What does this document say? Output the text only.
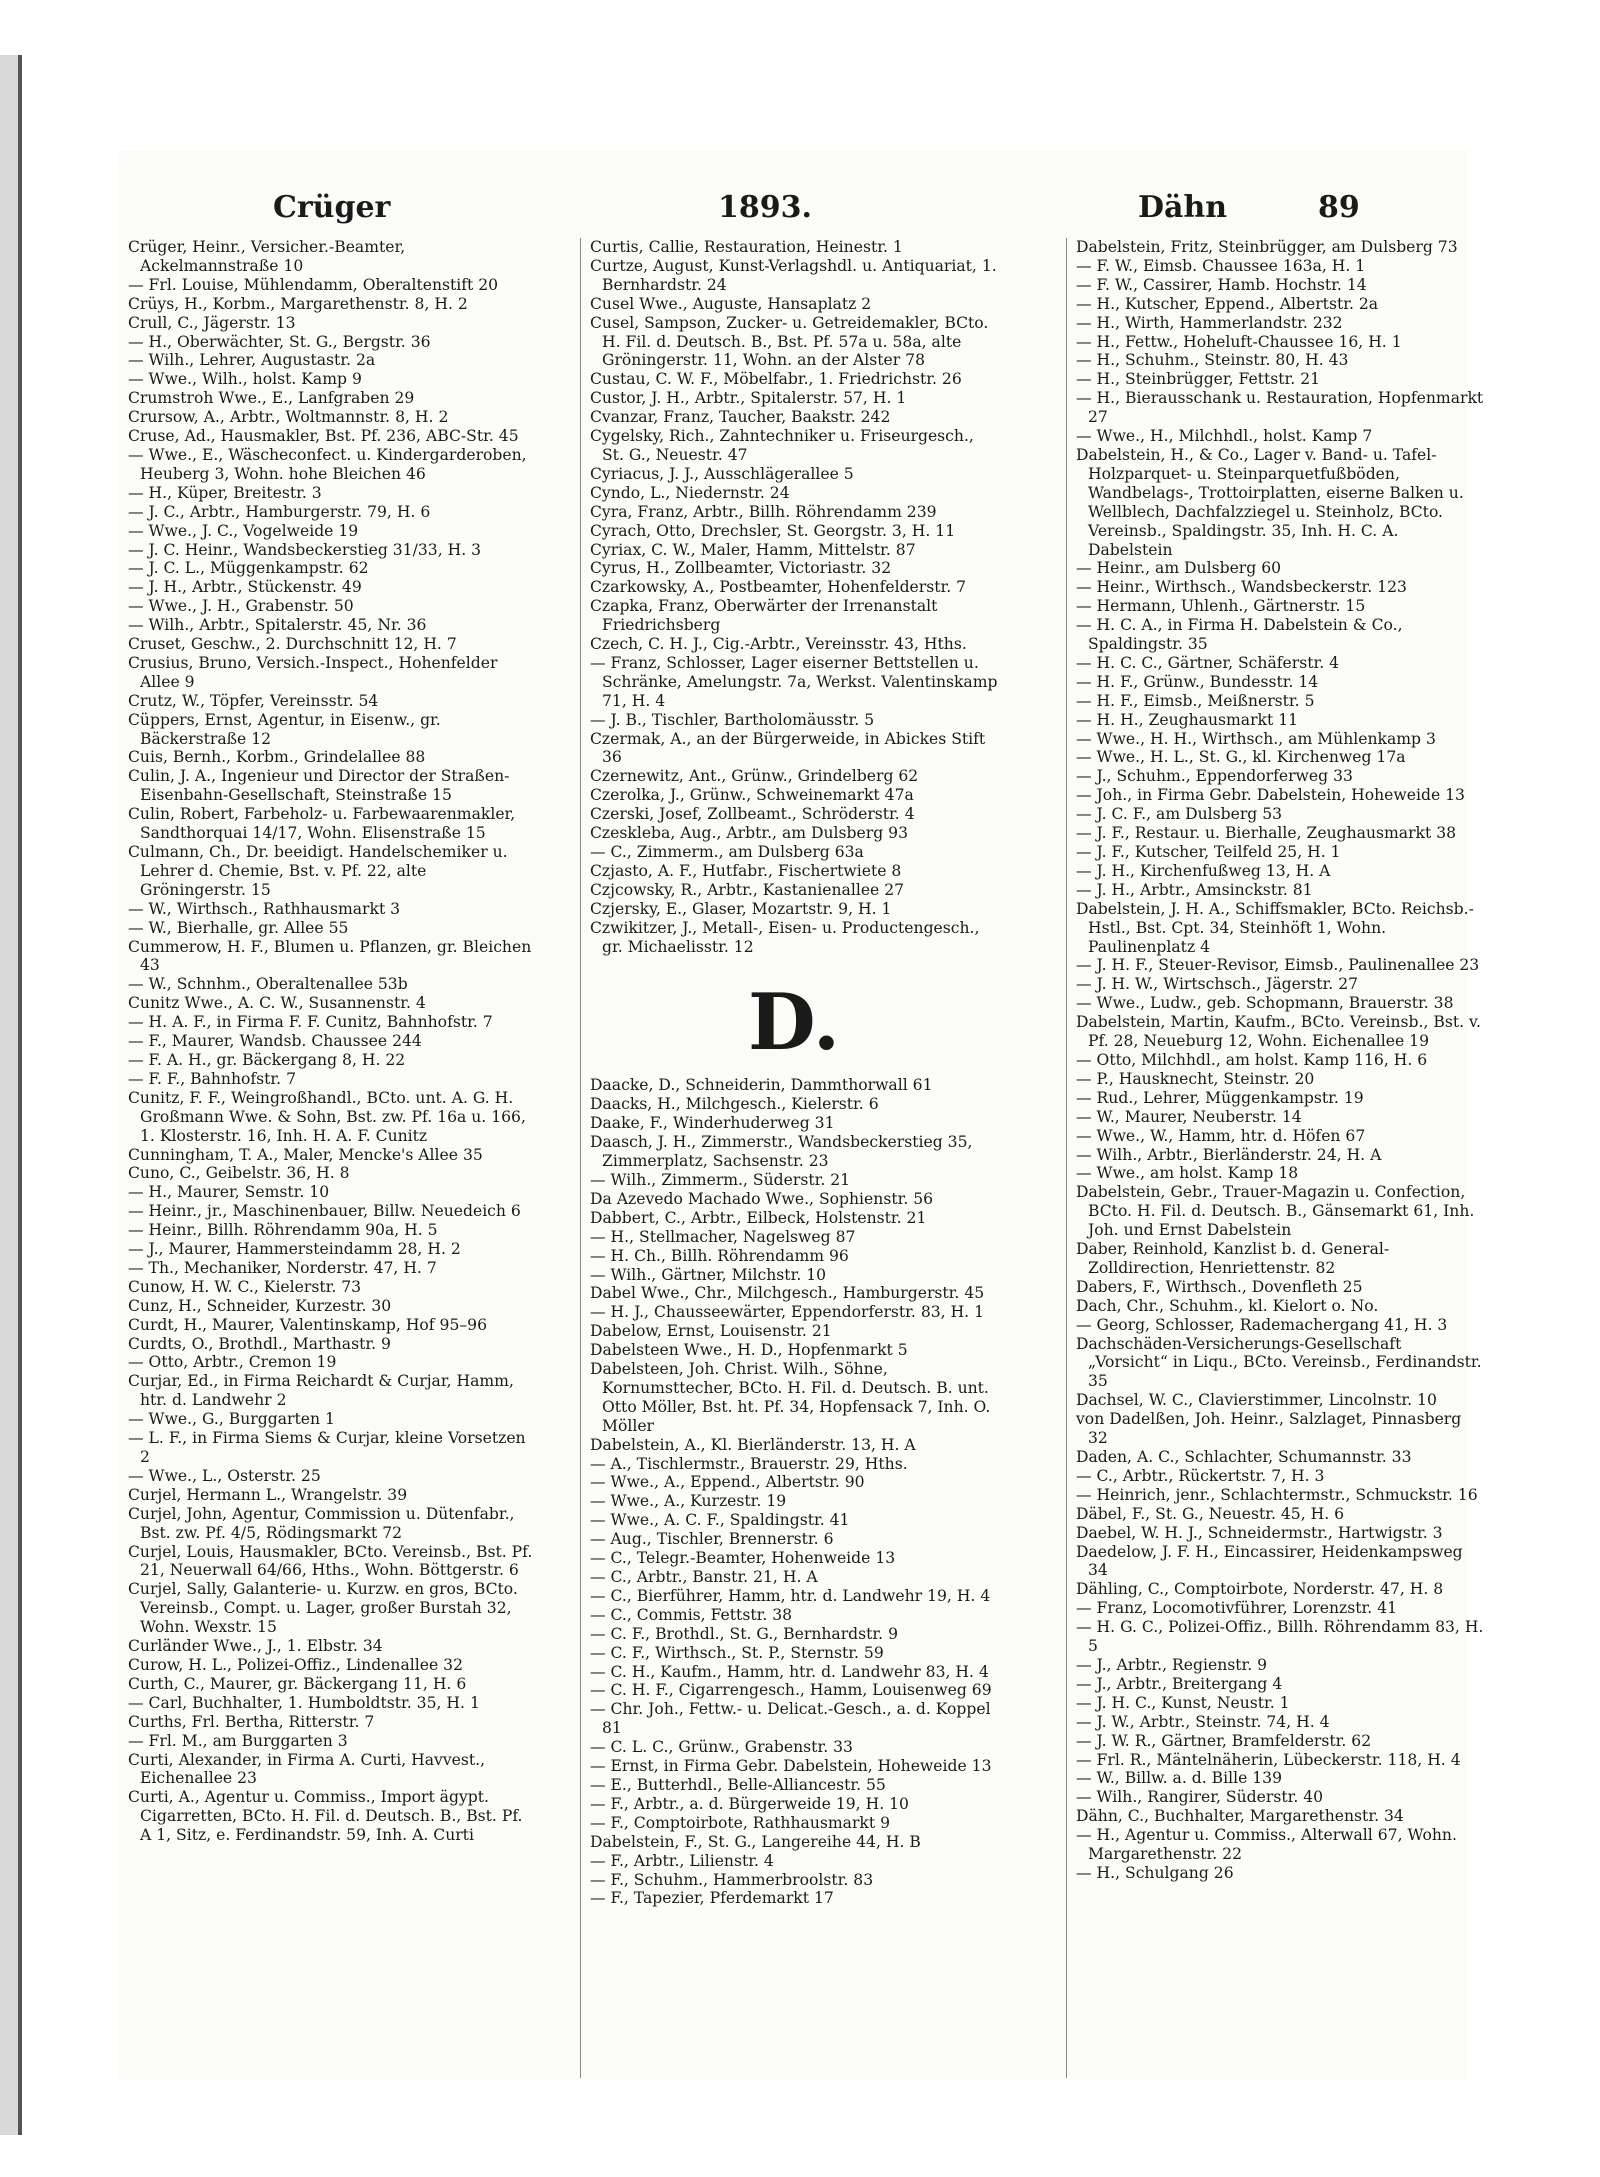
Crüger	1893.	Dähn	89

Crüger, Heinr., Versicher.-Beamter, Ackelmannstraße 10

— Frl. Louise, Mühlendamm, Oberaltenstift 20

Crüys, H., Korbm., Margarethenstr. 8, H. 2

Crull, C., Jägerstr. 13

— H., Oberwächter, St. G., Bergstr. 36

— Wilh., Lehrer, Augustastr. 2a

— Wwe., Wilh., holst. Kamp 9

Crumstroh Wwe., E., Lanfgraben 29

Crursow, A., Arbtr., Woltmannstr. 8, H. 2

Cruse, Ad., Hausmakler, Bst. Pf. 236, ABC-Str. 45

— Wwe., E., Wäscheconfect. u. Kindergarderoben, Heuberg 3, Wohn. hohe Bleichen 46

— H., Küper, Breitestr. 3

— J. C., Arbtr., Hamburgerstr. 79, H. 6

— Wwe., J. C., Vogelweide 19

— J. C. Heinr., Wandsbeckerstieg 31/33, H. 3

— J. C. L., Müggenkampstr. 62

— J. H., Arbtr., Stückenstr. 49

— Wwe., J. H., Grabenstr. 50

— Wilh., Arbtr., Spitalerstr. 45, Nr. 36

Cruset, Geschw., 2. Durchschnitt 12, H. 7

Crusius, Bruno, Versich.-Inspect., Hohenfelder Allee 9

Crutz, W., Töpfer, Vereinsstr. 54

Cüppers, Ernst, Agentur, in Eisenw., gr. Bäckerstraße 12

Cuis, Bernh., Korbm., Grindelallee 88

Culin, J. A., Ingenieur und Director der Straßen-Eisenbahn-Gesellschaft, Steinstraße 15

Culin, Robert, Farbeholz- u. Farbewaarenmakler, Sandthorquai 14/17, Wohn. Elisenstraße 15

Culmann, Ch., Dr. beeidigt. Handelschemiker u. Lehrer d. Chemie, Bst. v. Pf. 22, alte Gröningerstr. 15

— W., Wirthsch., Rathhausmarkt 3

— W., Bierhalle, gr. Allee 55

Cummerow, H. F., Blumen u. Pflanzen, gr. Bleichen 43

— W., Schnhm., Oberaltenallee 53b

Cunitz Wwe., A. C. W., Susannenstr. 4

— H. A. F., in Firma F. F. Cunitz, Bahnhofstr. 7

— F., Maurer, Wandsb. Chaussee 244

— F. A. H., gr. Bäckergang 8, H. 22

— F. F., Bahnhofstr. 7

Cunitz, F. F., Weingroßhandl., BCto. unt. A. G. H. Großmann Wwe. & Sohn, Bst. zw. Pf. 16a u. 166, 1. Klosterstr. 16, Inh. H. A. F. Cunitz

Cunningham, T. A., Maler, Mencke's Allee 35

Cuno, C., Geibelstr. 36, H. 8

— H., Maurer, Semstr. 10

— Heinr., jr., Maschinenbauer, Billw. Neuedeich 6

— Heinr., Billh. Röhrendamm 90a, H. 5

— J., Maurer, Hammersteindamm 28, H. 2

— Th., Mechaniker, Norderstr. 47, H. 7

Cunow, H. W. C., Kielerstr. 73

Cunz, H., Schneider, Kurzestr. 30

Curdt, H., Maurer, Valentinskamp, Hof 95–96

Curdts, O., Brothdl., Marthastr. 9

— Otto, Arbtr., Cremon 19

Curjar, Ed., in Firma Reichardt & Curjar, Hamm, htr. d. Landwehr 2

— Wwe., G., Burggarten 1

— L. F., in Firma Siems & Curjar, kleine Vorsetzen 2

— Wwe., L., Osterstr. 25

Curjel, Hermann L., Wrangelstr. 39

Curjel, John, Agentur, Commission u. Dütenfabr., Bst. zw. Pf. 4/5, Rödingsmarkt 72

Curjel, Louis, Hausmakler, BCto. Vereinsb., Bst. Pf. 21, Neuerwall 64/66, Hths., Wohn. Böttgerstr. 6

Curjel, Sally, Galanterie- u. Kurzw. en gros, BCto. Vereinsb., Compt. u. Lager, großer Burstah 32, Wohn. Wexstr. 15

Curländer Wwe., J., 1. Elbstr. 34

Curow, H. L., Polizei-Offiz., Lindenallee 32

Curth, C., Maurer, gr. Bäckergang 11, H. 6

— Carl, Buchhalter, 1. Humboldtstr. 35, H. 1

Curths, Frl. Bertha, Ritterstr. 7

— Frl. M., am Burggarten 3

Curti, Alexander, in Firma A. Curti, Havvest., Eichenallee 23

Curti, A., Agentur u. Commiss., Import ägypt. Cigarretten, BCto. H. Fil. d. Deutsch. B., Bst. Pf. A 1, Sitz, e. Ferdinandstr. 59, Inh. A. Curti

Curtis, Callie, Restauration, Heinestr. 1

Curtze, August, Kunst-Verlagshdl. u. Antiquariat, 1. Bernhardstr. 24

Cusel Wwe., Auguste, Hansaplatz 2

Cusel, Sampson, Zucker- u. Getreidemakler, BCto. H. Fil. d. Deutsch. B., Bst. Pf. 57a u. 58a, alte Gröningerstr. 11, Wohn. an der Alster 78

Custau, C. W. F., Möbelfabr., 1. Friedrichstr. 26

Custor, J. H., Arbtr., Spitalerstr. 57, H. 1

Cvanzar, Franz, Taucher, Baakstr. 242

Cygelsky, Rich., Zahntechniker u. Friseurgesch., St. G., Neuestr. 47

Cyriacus, J. J., Ausschlägerallee 5

Cyndo, L., Niedernstr. 24

Cyra, Franz, Arbtr., Billh. Röhrendamm 239

Cyrach, Otto, Drechsler, St. Georgstr. 3, H. 11

Cyriax, C. W., Maler, Hamm, Mittelstr. 87

Cyrus, H., Zollbeamter, Victoriastr. 32

Czarkowsky, A., Postbeamter, Hohenfelderstr. 7

Czapka, Franz, Oberwärter der Irrenanstalt Friedrichsberg

Czech, C. H. J., Cig.-Arbtr., Vereinsstr. 43, Hths.

— Franz, Schlosser, Lager eiserner Bettstellen u. Schränke, Amelungstr. 7a, Werkst. Valentinskamp 71, H. 4

— J. B., Tischler, Bartholomäusstr. 5

Czermak, A., an der Bürgerweide, in Abickes Stift 36

Czernewitz, Ant., Grünw., Grindelberg 62

Czerolka, J., Grünw., Schweinemarkt 47a

Czerski, Josef, Zollbeamt., Schröderstr. 4

Czeskleba, Aug., Arbtr., am Dulsberg 93

— C., Zimmerm., am Dulsberg 63a

Czjasto, A. F., Hutfabr., Fischertwiete 8

Czjcowsky, R., Arbtr., Kastanienallee 27

Czjersky, E., Glaser, Mozartstr. 9, H. 1

Czwikitzer, J., Metall-, Eisen- u. Productengesch., gr. Michaelisstr. 12

D.

Daacke, D., Schneiderin, Dammthorwall 61

Daacks, H., Milchgesch., Kielerstr. 6

Daake, F., Winderhuderweg 31

Daasch, J. H., Zimmerstr., Wandsbeckerstieg 35, Zimmerplatz, Sachsenstr. 23

— Wilh., Zimmerm., Süderstr. 21

Da Azevedo Machado Wwe., Sophienstr. 56

Dabbert, C., Arbtr., Eilbeck, Holstenstr. 21

— H., Stellmacher, Nagelsweg 87

— H. Ch., Billh. Röhrendamm 96

— Wilh., Gärtner, Milchstr. 10

Dabel Wwe., Chr., Milchgesch., Hamburgerstr. 45

— H. J., Chausseewärter, Eppendorferstr. 83, H. 1

Dabelow, Ernst, Louisenstr. 21

Dabelsteen Wwe., H. D., Hopfenmarkt 5

Dabelsteen, Joh. Christ. Wilh., Söhne, Kornumsttecher, BCto. H. Fil. d. Deutsch. B. unt. Otto Möller, Bst. ht. Pf. 34, Hopfensack 7, Inh. O. Möller

Dabelstein, A., Kl. Bierländerstr. 13, H. A

— A., Tischlermstr., Brauerstr. 29, Hths.

— Wwe., A., Eppend., Albertstr. 90

— Wwe., A., Kurzestr. 19

— Wwe., A. C. F., Spaldingstr. 41

— Aug., Tischler, Brennerstr. 6

— C., Telegr.-Beamter, Hohenweide 13

— C., Arbtr., Banstr. 21, H. A

— C., Bierführer, Hamm, htr. d. Landwehr 19, H. 4

— C., Commis, Fettstr. 38

— C. F., Brothdl., St. G., Bernhardstr. 9

— C. F., Wirthsch., St. P., Sternstr. 59

— C. H., Kaufm., Hamm, htr. d. Landwehr 83, H. 4

— C. H. F., Cigarrengesch., Hamm, Louisenweg 69

— Chr. Joh., Fettw.- u. Delicat.-Gesch., a. d. Koppel 81

— C. L. C., Grünw., Grabenstr. 33

— Ernst, in Firma Gebr. Dabelstein, Hoheweide 13

— E., Butterhdl., Belle-Alliancestr. 55

— F., Arbtr., a. d. Bürgerweide 19, H. 10

— F., Comptoirbote, Rathhausmarkt 9

Dabelstein, F., St. G., Langereihe 44, H. B

— F., Arbtr., Lilienstr. 4

— F., Schuhm., Hammerbroolstr. 83

— F., Tapezier, Pferdemarkt 17

Dabelstein, Fritz, Steinbrügger, am Dulsberg 73

— F. W., Eimsb. Chaussee 163a, H. 1

— F. W., Cassirer, Hamb. Hochstr. 14

— H., Kutscher, Eppend., Albertstr. 2a

— H., Wirth, Hammerlandstr. 232

— H., Fettw., Hoheluft-Chaussee 16, H. 1

— H., Schuhm., Steinstr. 80, H. 43

— H., Steinbrügger, Fettstr. 21

— H., Bierausschank u. Restauration, Hopfenmarkt 27

— Wwe., H., Milchhdl., holst. Kamp 7

Dabelstein, H., & Co., Lager v. Band- u. Tafel-Holzparquet- u. Steinparquetfußböden, Wandbelags-, Trottoirplatten, eiserne Balken u. Wellblech, Dachfalzziegel u. Steinholz, BCto. Vereinsb., Spaldingstr. 35, Inh. H. C. A. Dabelstein

— Heinr., am Dulsberg 60

— Heinr., Wirthsch., Wandsbeckerstr. 123

— Hermann, Uhlenh., Gärtnerstr. 15

— H. C. A., in Firma H. Dabelstein & Co., Spaldingstr. 35

— H. C. C., Gärtner, Schäferstr. 4

— H. F., Grünw., Bundesstr. 14

— H. F., Eimsb., Meißnerstr. 5

— H. H., Zeughausmarkt 11

— Wwe., H. H., Wirthsch., am Mühlenkamp 3

— Wwe., H. L., St. G., kl. Kirchenweg 17a

— J., Schuhm., Eppendorferweg 33

— Joh., in Firma Gebr. Dabelstein, Hoheweide 13

— J. C. F., am Dulsberg 53

— J. F., Restaur. u. Bierhalle, Zeughausmarkt 38

— J. F., Kutscher, Teilfeld 25, H. 1

— J. H., Kirchenfußweg 13, H. A

— J. H., Arbtr., Amsinckstr. 81

Dabelstein, J. H. A., Schiffsmakler, BCto. Reichsb.-Hstl., Bst. Cpt. 34, Steinhöft 1, Wohn. Paulinenplatz 4

— J. H. F., Steuer-Revisor, Eimsb., Paulinenallee 23

— J. H. W., Wirtschsch., Jägerstr. 27

— Wwe., Ludw., geb. Schopmann, Brauerstr. 38

Dabelstein, Martin, Kaufm., BCto. Vereinsb., Bst. v. Pf. 28, Neueburg 12, Wohn. Eichenallee 19

— Otto, Milchhdl., am holst. Kamp 116, H. 6

— P., Hausknecht, Steinstr. 20

— Rud., Lehrer, Müggenkampstr. 19

— W., Maurer, Neuberstr. 14

— Wwe., W., Hamm, htr. d. Höfen 67

— Wilh., Arbtr., Bierländerstr. 24, H. A

— Wwe., am holst. Kamp 18

Dabelstein, Gebr., Trauer-Magazin u. Confection, BCto. H. Fil. d. Deutsch. B., Gänsemarkt 61, Inh. Joh. und Ernst Dabelstein

Daber, Reinhold, Kanzlist b. d. General-Zolldirection, Henriettenstr. 82

Dabers, F., Wirthsch., Dovenfleth 25

Dach, Chr., Schuhm., kl. Kielort o. No.

— Georg, Schlosser, Rademachergang 41, H. 3

Dachschäden-Versicherungs-Gesellschaft „Vorsicht“ in Liqu., BCto. Vereinsb., Ferdinandstr. 35

Dachsel, W. C., Clavierstimmer, Lincolnstr. 10

von Dadelßen, Joh. Heinr., Salzlaget, Pinnasberg 32

Daden, A. C., Schlachter, Schumannstr. 33

— C., Arbtr., Rückertstr. 7, H. 3

— Heinrich, jenr., Schlachtermstr., Schmuckstr. 16

Däbel, F., St. G., Neuestr. 45, H. 6

Daebel, W. H. J., Schneidermstr., Hartwigstr. 3

Daedelow, J. F. H., Eincassirer, Heidenkampsweg 34

Dähling, C., Comptoirbote, Norderstr. 47, H. 8

— Franz, Locomotivführer, Lorenzstr. 41

— H. G. C., Polizei-Offiz., Billh. Röhrendamm 83, H. 5

— J., Arbtr., Regienstr. 9

— J., Arbtr., Breitergang 4

— J. H. C., Kunst, Neustr. 1

— J. W., Arbtr., Steinstr. 74, H. 4

— J. W. R., Gärtner, Bramfelderstr. 62

— Frl. R., Mäntelnäherin, Lübeckerstr. 118, H. 4

— W., Billw. a. d. Bille 139

— Wilh., Rangirer, Süderstr. 40

Dähn, C., Buchhalter, Margarethenstr. 34

— H., Agentur u. Commiss., Alterwall 67, Wohn. Margarethenstr. 22

— H., Schulgang 26
